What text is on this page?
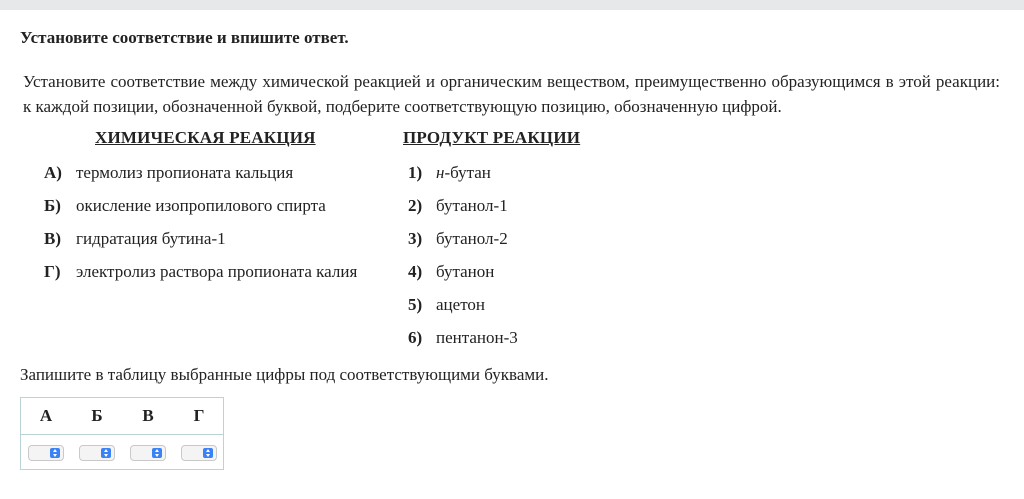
Установите соответствие и впишите ответ.
Установите соответствие между химической реакцией и органическим веществом, преимущественно образующимся в этой реакции: к каждой позиции, обозначенной буквой, подберите соответствующую позицию, обозначенную цифрой.
ХИМИЧЕСКАЯ РЕАКЦИЯ	ПРОДУКТ РЕАКЦИИ
А) термолиз пропионата кальция
Б) окисление изопропилового спирта
В) гидратация бутина-1
Г) электролиз раствора пропионата калия
1) н-бутан
2) бутанол-1
3) бутанол-2
4) бутанон
5) ацетон
6) пентанон-3
Запишите в таблицу выбранные цифры под соответствующими буквами.
А	Б	В	Г
